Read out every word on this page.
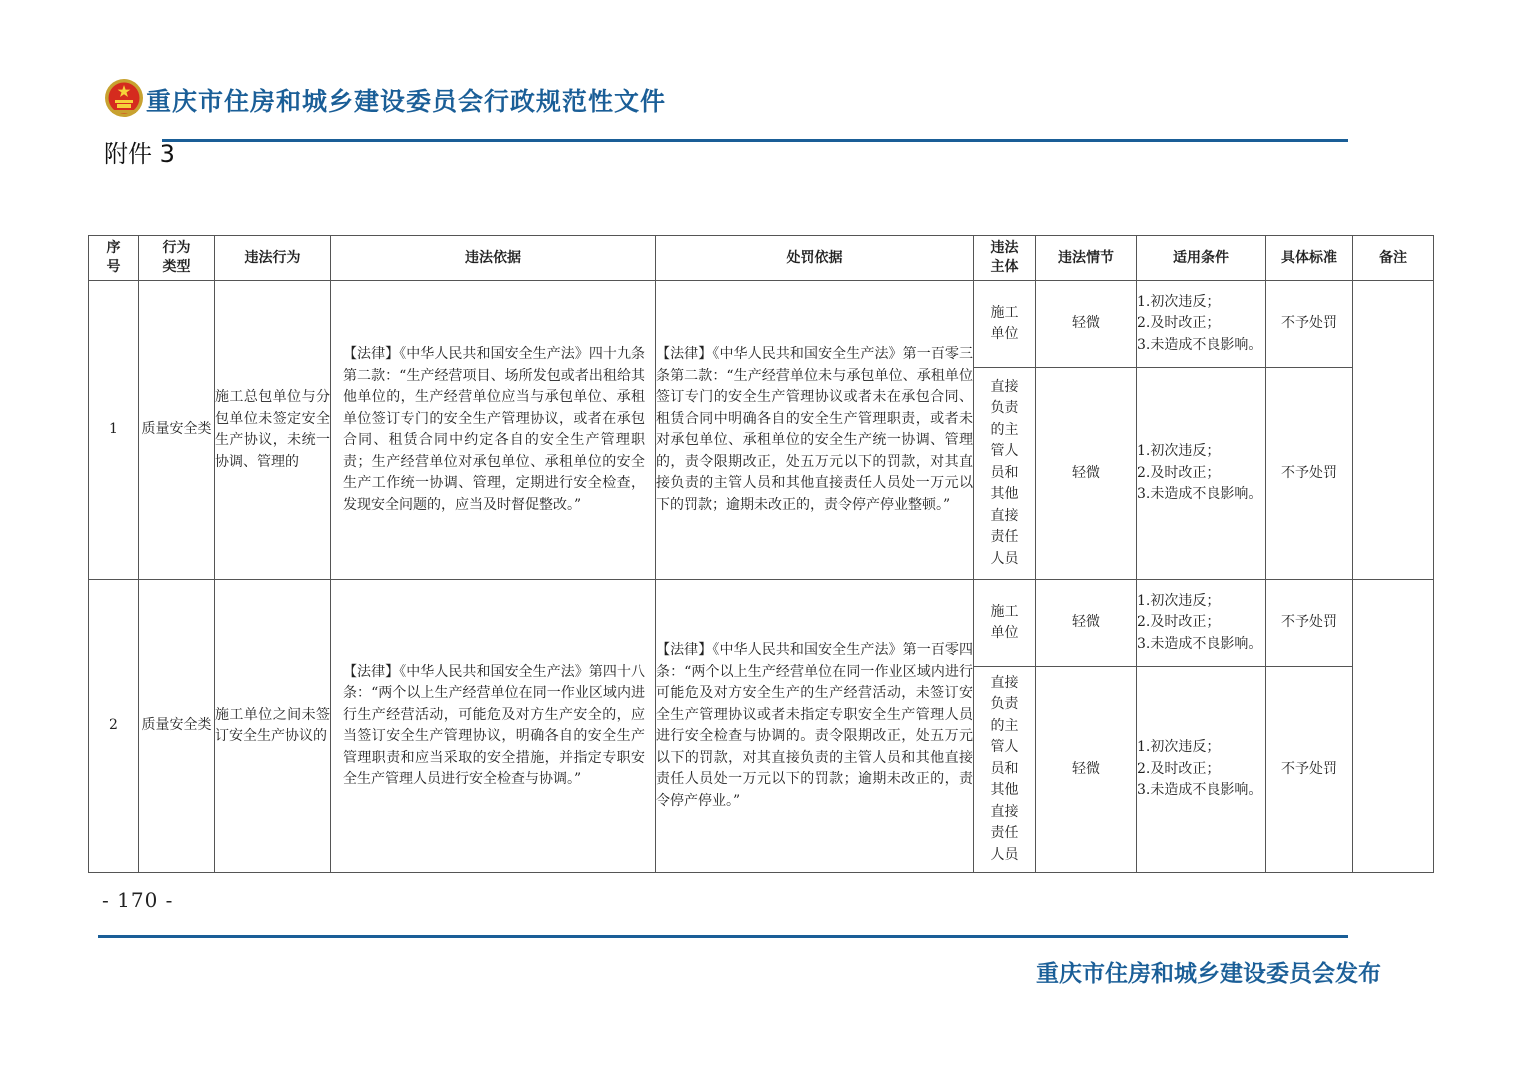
重庆市住房和城乡建设委员会行政规范性文件
附件 3
序号	行为类型	违法行为	违法依据	处罚依据	违法主体	违法情节	适用条件	具体标准	备注
1	质量安全类	施工总包单位与分包单位未签定安全生产协议，未统一协调、管理的	【法律】《中华人民共和国安全生产法》四十九条第二款：“生产经营项目、场所发包或者出租给其他单位的，生产经营单位应当与承包单位、承租单位签订专门的安全生产管理协议，或者在承包合同、租赁合同中约定各自的安全生产管理职责；生产经营单位对承包单位、承租单位的安全生产工作统一协调、管理，定期进行安全检查，发现安全问题的，应当及时督促整改。”	【法律】《中华人民共和国安全生产法》第一百零三条第二款：“生产经营单位未与承包单位、承租单位签订专门的安全生产管理协议或者未在承包合同、租赁合同中明确各自的安全生产管理职责，或者未对承包单位、承租单位的安全生产统一协调、管理的，责令限期改正，处五万元以下的罚款，对其直接负责的主管人员和其他直接责任人员处一万元以下的罚款；逾期未改正的，责令停产停业整顿。”	施工单位	轻微	1.初次违反；
2.及时改正；
3.未造成不良影响。	不予处罚	
					直接负责的主管人员和其他直接责任人员	轻微	1.初次违反；
2.及时改正；
3.未造成不良影响。	不予处罚	
2	质量安全类	施工单位之间未签订安全生产协议的	【法律】《中华人民共和国安全生产法》第四十八条：“两个以上生产经营单位在同一作业区域内进行生产经营活动，可能危及对方生产安全的，应当签订安全生产管理协议，明确各自的安全生产管理职责和应当采取的安全措施，并指定专职安全生产管理人员进行安全检查与协调。”	【法律】《中华人民共和国安全生产法》第一百零四条：“两个以上生产经营单位在同一作业区域内进行可能危及对方安全生产的生产经营活动，未签订安全生产管理协议或者未指定专职安全生产管理人员进行安全检查与协调的。责令限期改正，处五万元以下的罚款，对其直接负责的主管人员和其他直接责任人员处一万元以下的罚款；逾期未改正的，责令停产停业。”	施工单位	轻微	1.初次违反；
2.及时改正；
3.未造成不良影响。	不予处罚	
					直接负责的主管人员和其他直接责任人员	轻微	1.初次违反；
2.及时改正；
3.未造成不良影响。	不予处罚	
- 170 -
重庆市住房和城乡建设委员会发布
